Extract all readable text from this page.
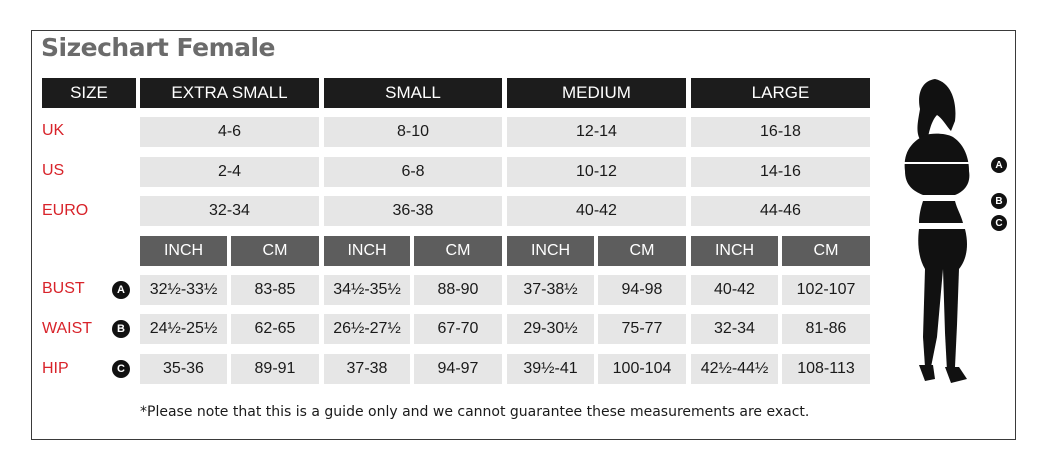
Sizechart Female
SIZE	EXTRA SMALL	SMALL	MEDIUM	LARGE
UK	4-6	8-10	12-14	16-18
US	2-4	6-8	10-12	14-16
EURO	32-34	36-38	40-42	44-46
INCH	CM	INCH	CM	INCH	CM	INCH	CM
BUST	A	32½-33½	83-85	34½-35½	88-90	37-38½	94-98	40-42	102-107
WAIST	B	24½-25½	62-65	26½-27½	67-70	29-30½	75-77	32-34	81-86
HIP	C	35-36	89-91	37-38	94-97	39½-41	100-104	42½-44½	108-113
*Please note that this is a guide only and we cannot guarantee these measurements are exact.
A
B
C
